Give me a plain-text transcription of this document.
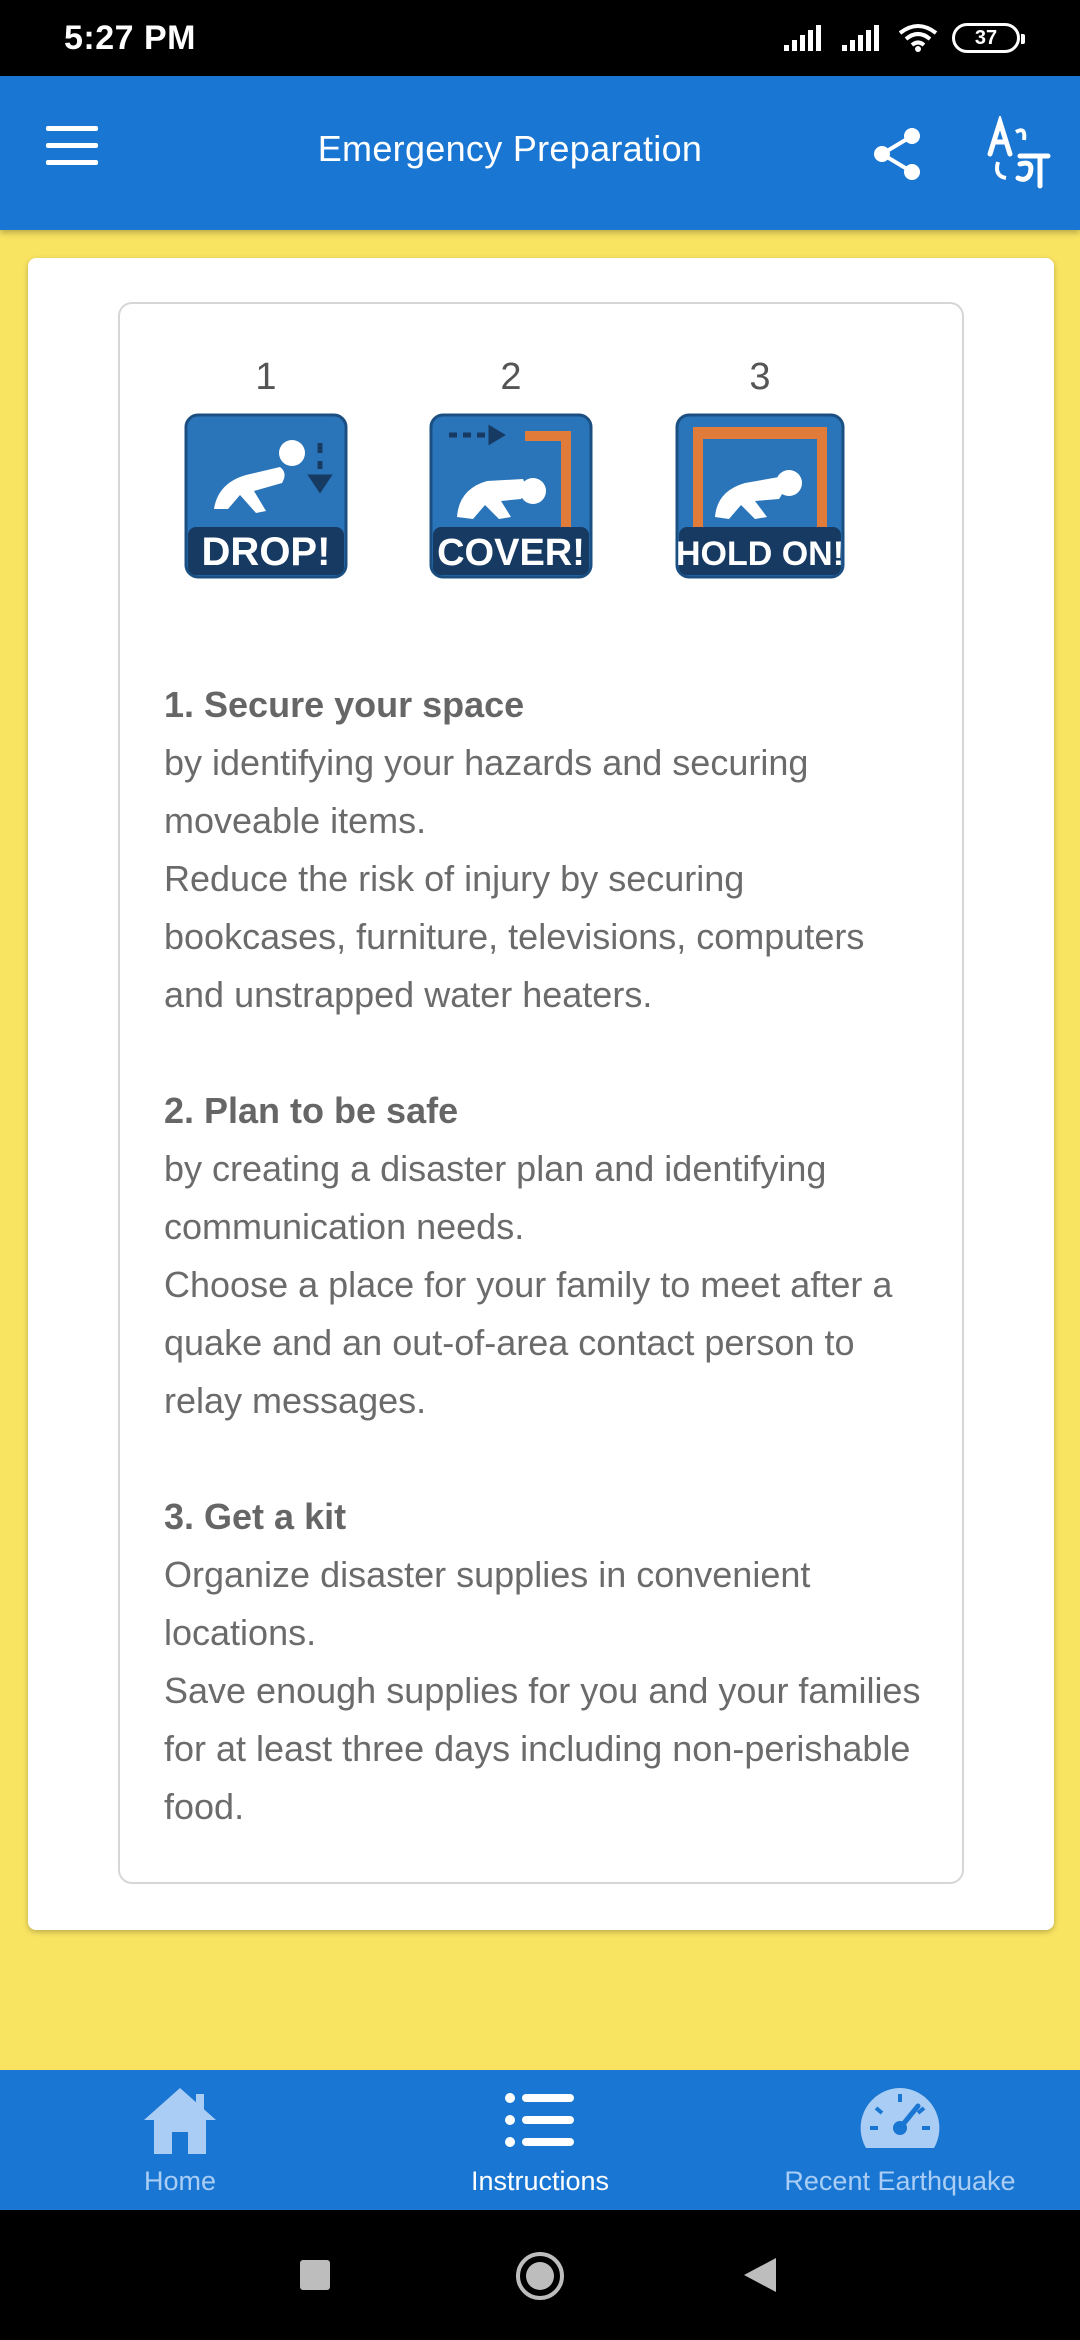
5:27 PM	37
Emergency Preparation
1
DROP!
2
COVER!
3
HOLD ON!
1. Secure your space
by identifying your hazards and securing moveable items.
Reduce the risk of injury by securing bookcases, furniture, televisions, computers and unstrapped water heaters.
2. Plan to be safe
by creating a disaster plan and identifying communication needs.
Choose a place for your family to meet after a quake and an out-of-area contact person to relay messages.
3. Get a kit
Organize disaster supplies in convenient locations.
Save enough supplies for you and your families for at least three days including non-perishable food.
Home	Instructions	Recent Earthquake
